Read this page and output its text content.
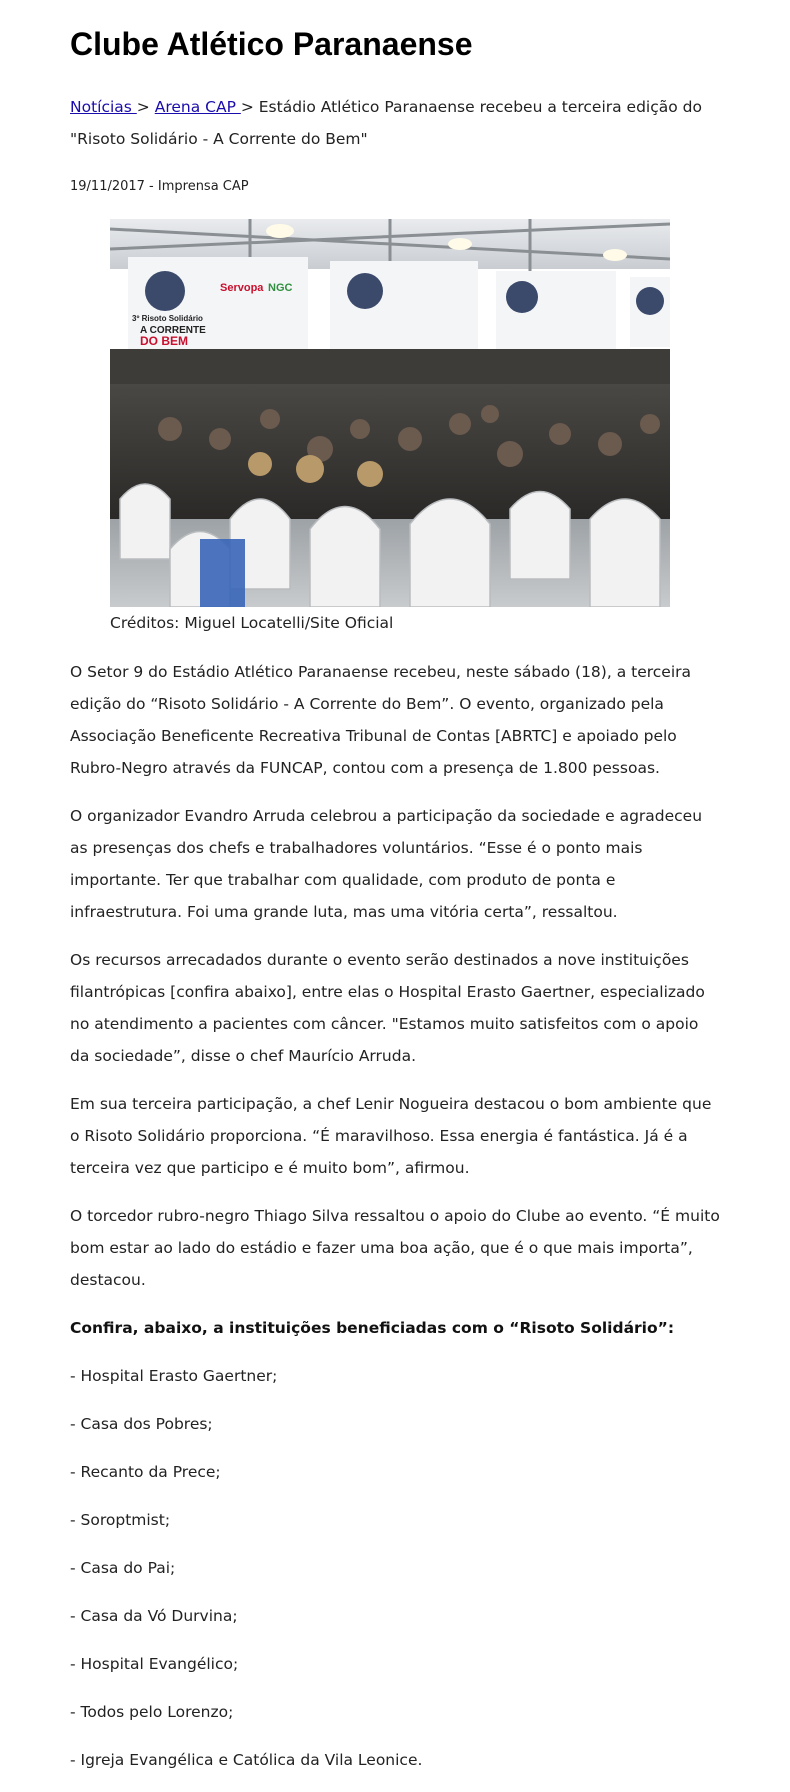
Clube Atlético Paranaense
Notícias > Arena CAP > Estádio Atlético Paranaense recebeu a terceira edição do "Risoto Solidário - A Corrente do Bem"
19/11/2017 - Imprensa CAP
Servopa NGC
3º Risoto Solidário
A CORRENTE
DO BEM
Créditos: Miguel Locatelli/Site Oficial

O Setor 9 do Estádio Atlético Paranaense recebeu, neste sábado (18), a terceira edição do “Risoto Solidário - A Corrente do Bem”. O evento, organizado pela Associação Beneficente Recreativa Tribunal de Contas [ABRTC] e apoiado pelo Rubro-Negro através da FUNCAP, contou com a presença de 1.800 pessoas.

O organizador Evandro Arruda celebrou a participação da sociedade e agradeceu as presenças dos chefs e trabalhadores voluntários. “Esse é o ponto mais importante. Ter que trabalhar com qualidade, com produto de ponta e infraestrutura. Foi uma grande luta, mas uma vitória certa”, ressaltou.

Os recursos arrecadados durante o evento serão destinados a nove instituições filantrópicas [confira abaixo], entre elas o Hospital Erasto Gaertner, especializado no atendimento a pacientes com câncer. "Estamos muito satisfeitos com o apoio da sociedade”, disse o chef Maurício Arruda.

Em sua terceira participação, a chef Lenir Nogueira destacou o bom ambiente que o Risoto Solidário proporciona. “É maravilhoso. Essa energia é fantástica. Já é a terceira vez que participo e é muito bom”, afirmou.

O torcedor rubro-negro Thiago Silva ressaltou o apoio do Clube ao evento. “É muito bom estar ao lado do estádio e fazer uma boa ação, que é o que mais importa”, destacou.

Confira, abaixo, a instituições beneficiadas com o “Risoto Solidário”:

- Hospital Erasto Gaertner;

- Casa dos Pobres;

- Recanto da Prece;

- Soroptmist;

- Casa do Pai;

- Casa da Vó Durvina;

- Hospital Evangélico;

- Todos pelo Lorenzo;

- Igreja Evangélica e Católica da Vila Leonice.
